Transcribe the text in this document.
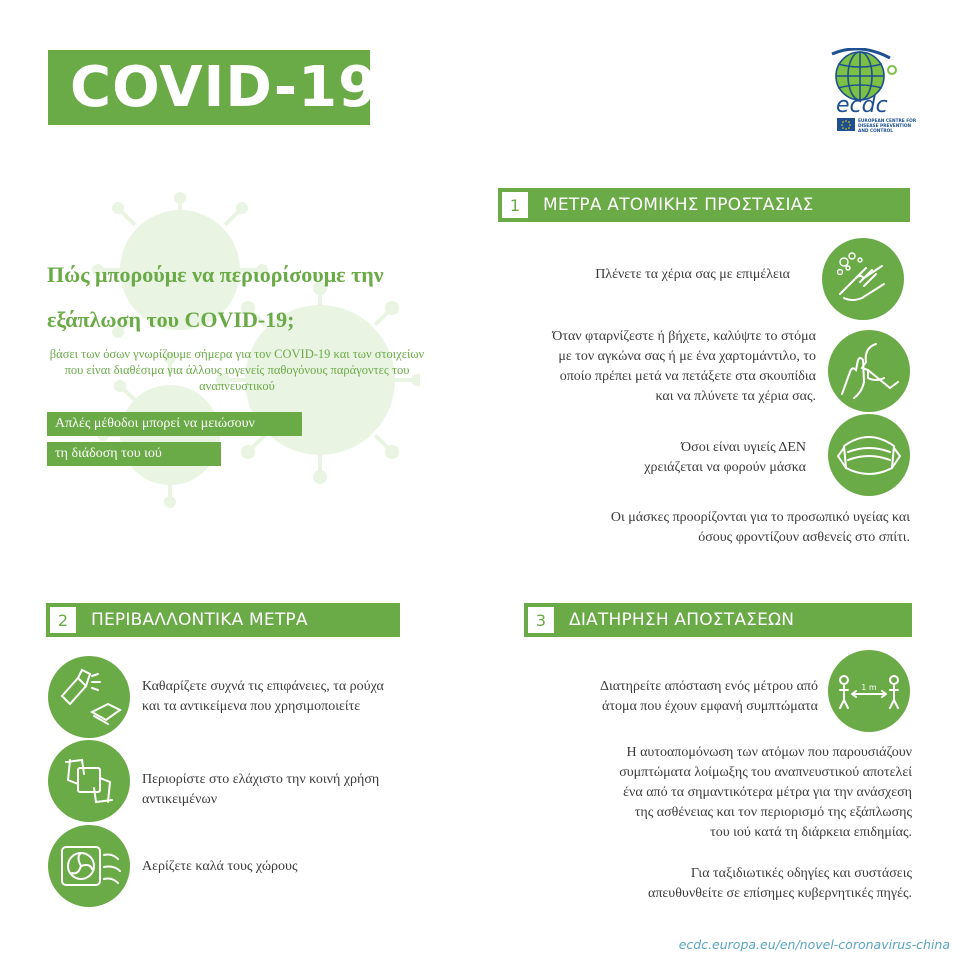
COVID-19	ecdc
EUROPEAN CENTRE FOR
DISEASE PREVENTION
AND CONTROL
Πώς μπορούμε να περιορίσουμε την
εξάπλωση του COVID-19;
βάσει των όσων γνωρίζουμε σήμερα για τον COVID-19 και των στοιχείων που είναι διαθέσιμα για άλλους ιογενείς παθογόνους παράγοντες του αναπνευστικού
Απλές μέθοδοι μπορεί να μειώσουν
τη διάδοση του ιού
1	ΜΕΤΡΑ ΑΤΟΜΙΚΗΣ ΠΡΟΣΤΑΣΙΑΣ
Πλένετε τα χέρια σας με επιμέλεια
Όταν φταρνίζεστε ή βήχετε, καλύψτε το στόμα
με τον αγκώνα σας ή με ένα χαρτομάντιλο, το
οποίο πρέπει μετά να πετάξετε στα σκουπίδια
και να πλύνετε τα χέρια σας.
Όσοι είναι υγιείς ΔΕΝ
χρειάζεται να φορούν μάσκα
Οι μάσκες προορίζονται για το προσωπικό υγείας και
όσους φροντίζουν ασθενείς στο σπίτι.
2	ΠΕΡΙΒΑΛΛΟΝΤΙΚΑ ΜΕΤΡΑ
Καθαρίζετε συχνά τις επιφάνειες, τα ρούχα
και τα αντικείμενα που χρησιμοποιείτε
Περιορίστε στο ελάχιστο την κοινή χρήση
αντικειμένων
Αερίζετε καλά τους χώρους
3	ΔΙΑΤΗΡΗΣΗ ΑΠΟΣΤΑΣΕΩΝ
Διατηρείτε απόσταση ενός μέτρου από
άτομα που έχουν εμφανή συμπτώματα
1 m
Η αυτοαπομόνωση των ατόμων που παρουσιάζουν
συμπτώματα λοίμωξης του αναπνευστικού αποτελεί
ένα από τα σημαντικότερα μέτρα για την ανάσχεση
της ασθένειας και τον περιορισμό της εξάπλωσης
του ιού κατά τη διάρκεια επιδημίας.
Για ταξιδιωτικές οδηγίες και συστάσεις
απευθυνθείτε σε επίσημες κυβερνητικές πηγές.
ecdc.europa.eu/en/novel-coronavirus-china
